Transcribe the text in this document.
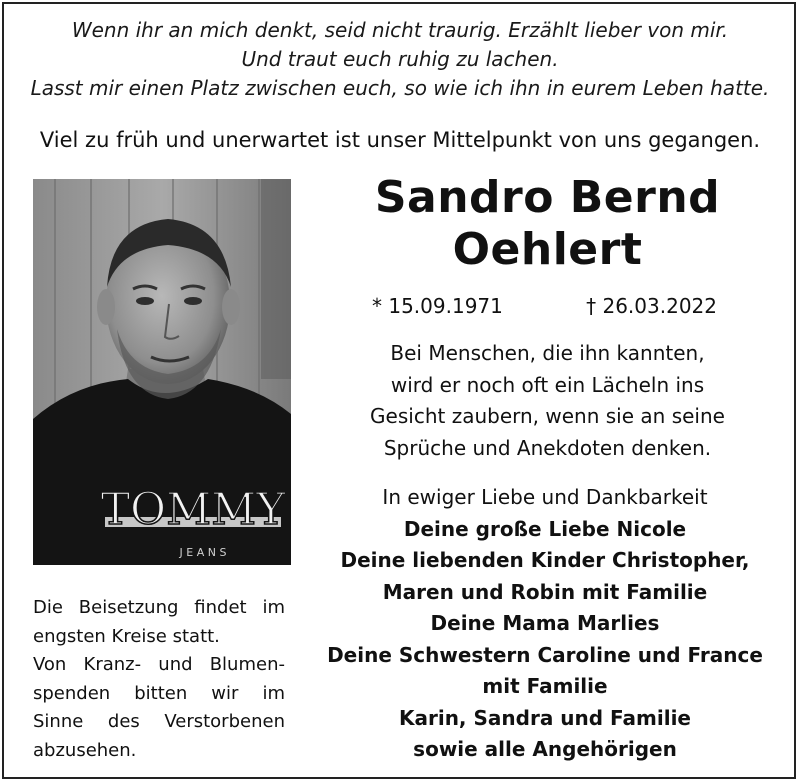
Wenn ihr an mich denkt, seid nicht traurig. Erzählt lieber von mir.
Und traut euch ruhig zu lachen.
Lasst mir einen Platz zwischen euch, so wie ich ihn in eurem Leben hatte.
Viel zu früh und unerwartet ist unser Mittelpunkt von uns gegangen.
TOMMY
J E A N S
Sandro Bernd
Oehlert
* 15.09.1971	† 26.03.2022
Bei Menschen, die ihn kannten,
wird er noch oft ein Lächeln ins
Gesicht zaubern, wenn sie an seine
Sprüche und Anekdoten denken.
In ewiger Liebe und Dankbarkeit
Deine große Liebe Nicole
Deine liebenden Kinder Christopher,
Maren und Robin mit Familie
Deine Mama Marlies
Deine Schwestern Caroline und France
mit Familie
Karin, Sandra und Familie
sowie alle Angehörigen
Die Beisetzung findet im
engsten Kreise statt.
Von Kranz- und Blumen-
spenden bitten wir im
Sinne des Verstorbenen
abzusehen.
